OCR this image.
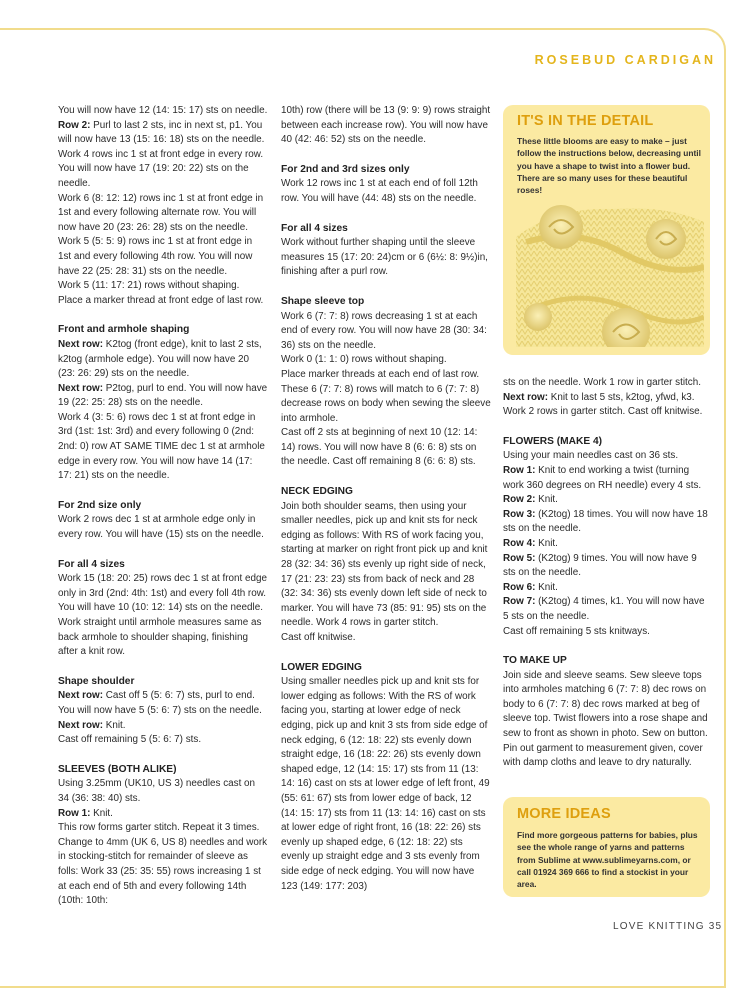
ROSEBUD CARDIGAN

You will now have 12 (14: 15: 17) sts on needle.

Row 2: Purl to last 2 sts, inc in next st, p1. You will now have 13 (15: 16: 18) sts on the needle.

Work 4 rows inc 1 st at front edge in every row. You will now have 17 (19: 20: 22) sts on the needle.

Work 6 (8: 12: 12) rows inc 1 st at front edge in 1st and every following alternate row. You will now have 20 (23: 26: 28) sts on the needle.

Work 5 (5: 5: 9) rows inc 1 st at front edge in 1st and every following 4th row. You will now have 22 (25: 28: 31) sts on the needle.

Work 5 (11: 17: 21) rows without shaping.

Place a marker thread at front edge of last row.

Front and armhole shaping

Next row: K2tog (front edge), knit to last 2 sts, k2tog (armhole edge). You will now have 20 (23: 26: 29) sts on the needle.

Next row: P2tog, purl to end. You will now have 19 (22: 25: 28) sts on the needle.

Work 4 (3: 5: 6) rows dec 1 st at front edge in 3rd (1st: 1st: 3rd) and every following 0 (2nd: 2nd: 0) row AT SAME TIME dec 1 st at armhole edge in every row. You will now have 14 (17: 17: 21) sts on the needle.

For 2nd size only

Work 2 rows dec 1 st at armhole edge only in every row. You will have (15) sts on the needle.

For all 4 sizes

Work 15 (18: 20: 25) rows dec 1 st at front edge only in 3rd (2nd: 4th: 1st) and every foll 4th row. You will have 10 (10: 12: 14) sts on the needle. Work straight until armhole measures same as back armhole to shoulder shaping, finishing after a knit row.

Shape shoulder

Next row: Cast off 5 (5: 6: 7) sts, purl to end. You will now have 5 (5: 6: 7) sts on the needle.

Next row: Knit.

Cast off remaining 5 (5: 6: 7) sts.

SLEEVES (BOTH ALIKE)

Using 3.25mm (UK10, US 3) needles cast on 34 (36: 38: 40) sts.

Row 1: Knit.

This row forms garter stitch. Repeat it 3 times. Change to 4mm (UK 6, US 8) needles and work in stocking-stitch for remainder of sleeve as folls: Work 33 (25: 35: 55) rows increasing 1 st at each end of 5th and every following 14th (10th: 10th:

10th) row (there will be 13 (9: 9: 9) rows straight between each increase row). You will now have 40 (42: 46: 52) sts on the needle.

For 2nd and 3rd sizes only

Work 12 rows inc 1 st at each end of foll 12th row. You will have (44: 48) sts on the needle.

For all 4 sizes

Work without further shaping until the sleeve measures 15 (17: 20: 24)cm or 6 (6½: 8: 9½)in, finishing after a purl row.

Shape sleeve top

Work 6 (7: 7: 8) rows decreasing 1 st at each end of every row. You will now have 28 (30: 34: 36) sts on the needle.

Work 0 (1: 1: 0) rows without shaping.

Place marker threads at each end of last row. These 6 (7: 7: 8) rows will match to 6 (7: 7: 8) decrease rows on body when sewing the sleeve into armhole.

Cast off 2 sts at beginning of next 10 (12: 14: 14) rows. You will now have 8 (6: 6: 8) sts on the needle. Cast off remaining 8 (6: 6: 8) sts.

NECK EDGING

Join both shoulder seams, then using your smaller needles, pick up and knit sts for neck edging as follows: With RS of work facing you, starting at marker on right front pick up and knit 28 (32: 34: 36) sts evenly up right side of neck, 17 (21: 23: 23) sts from back of neck and 28 (32: 34: 36) sts evenly down left side of neck to marker. You will have 73 (85: 91: 95) sts on the needle. Work 4 rows in garter stitch.

Cast off knitwise.

LOWER EDGING

Using smaller needles pick up and knit sts for lower edging as follows: With the RS of work facing you, starting at lower edge of neck edging, pick up and knit 3 sts from side edge of neck edging, 6 (12: 18: 22) sts evenly down straight edge, 16 (18: 22: 26) sts evenly down shaped edge, 12 (14: 15: 17) sts from 11 (13: 14: 16) cast on sts at lower edge of left front, 49 (55: 61: 67) sts from lower edge of back, 12 (14: 15: 17) sts from 11 (13: 14: 16) cast on sts at lower edge of right front, 16 (18: 22: 26) sts evenly up shaped edge, 6 (12: 18: 22) sts evenly up straight edge and 3 sts evenly from side edge of neck edging. You will now have 123 (149: 177: 203)

IT'S IN THE DETAIL
These little blooms are easy to make – just follow the instructions below, decreasing until you have a shape to twist into a flower bud. There are so many uses for these beautiful roses!

sts on the needle. Work 1 row in garter stitch.

Next row: Knit to last 5 sts, k2tog, yfwd, k3.

Work 2 rows in garter stitch. Cast off knitwise.

FLOWERS (MAKE 4)

Using your main needles cast on 36 sts.

Row 1: Knit to end working a twist (turning work 360 degrees on RH needle) every 4 sts.

Row 2: Knit.

Row 3: (K2tog) 18 times. You will now have 18 sts on the needle.

Row 4: Knit.

Row 5: (K2tog) 9 times. You will now have 9 sts on the needle.

Row 6: Knit.

Row 7: (K2tog) 4 times, k1. You will now have 5 sts on the needle.

Cast off remaining 5 sts knitways.

TO MAKE UP

Join side and sleeve seams. Sew sleeve tops into armholes matching 6 (7: 7: 8) dec rows on body to 6 (7: 7: 8) dec rows marked at beg of sleeve top. Twist flowers into a rose shape and sew to front as shown in photo. Sew on button. Pin out garment to measurement given, cover with damp cloths and leave to dry naturally.

MORE IDEAS
Find more gorgeous patterns for babies, plus see the whole range of yarns and patterns from Sublime at www.sublimeyarns.com, or call 01924 369 666 to find a stockist in your area.
LOVE KNITTING 35
